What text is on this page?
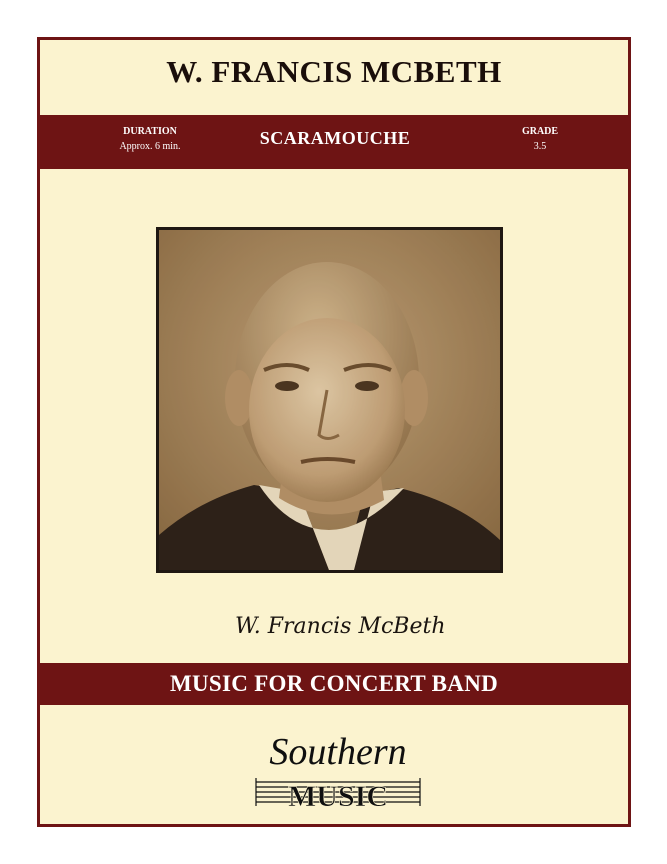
W. FRANCIS MCBETH
DURATION
Approx. 6 min.	SCARAMOUCHE	GRADE
3.5
W. Francis McBeth
MUSIC FOR CONCERT BAND
Southern
MUSIC
